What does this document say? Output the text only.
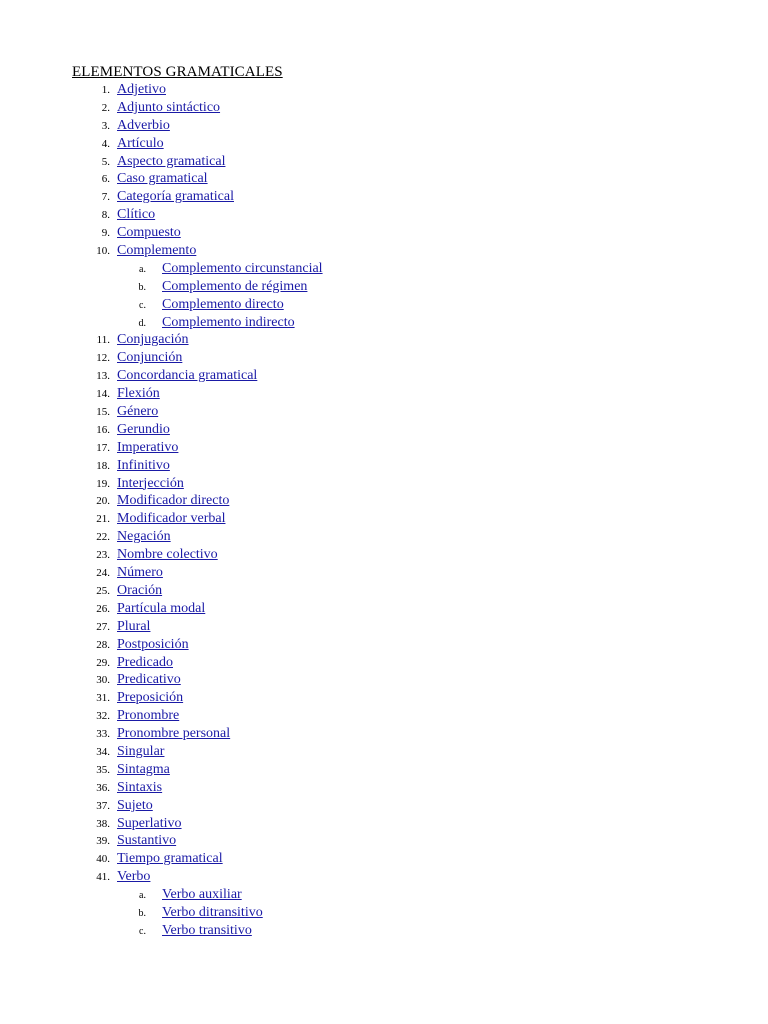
ELEMENTOS GRAMATICALES
1. Adjetivo
2. Adjunto sintáctico
3. Adverbio
4. Artículo
5. Aspecto gramatical
6. Caso gramatical
7. Categoría gramatical
8. Clítico
9. Compuesto
10. Complemento
a. Complemento circunstancial
b. Complemento de régimen
c. Complemento directo
d. Complemento indirecto
11. Conjugación
12. Conjunción
13. Concordancia gramatical
14. Flexión
15. Género
16. Gerundio
17. Imperativo
18. Infinitivo
19. Interjección
20. Modificador directo
21. Modificador verbal
22. Negación
23. Nombre colectivo
24. Número
25. Oración
26. Partícula modal
27. Plural
28. Postposición
29. Predicado
30. Predicativo
31. Preposición
32. Pronombre
33. Pronombre personal
34. Singular
35. Sintagma
36. Sintaxis
37. Sujeto
38. Superlativo
39. Sustantivo
40. Tiempo gramatical
41. Verbo
a. Verbo auxiliar
b. Verbo ditransitivo
c. Verbo transitivo
